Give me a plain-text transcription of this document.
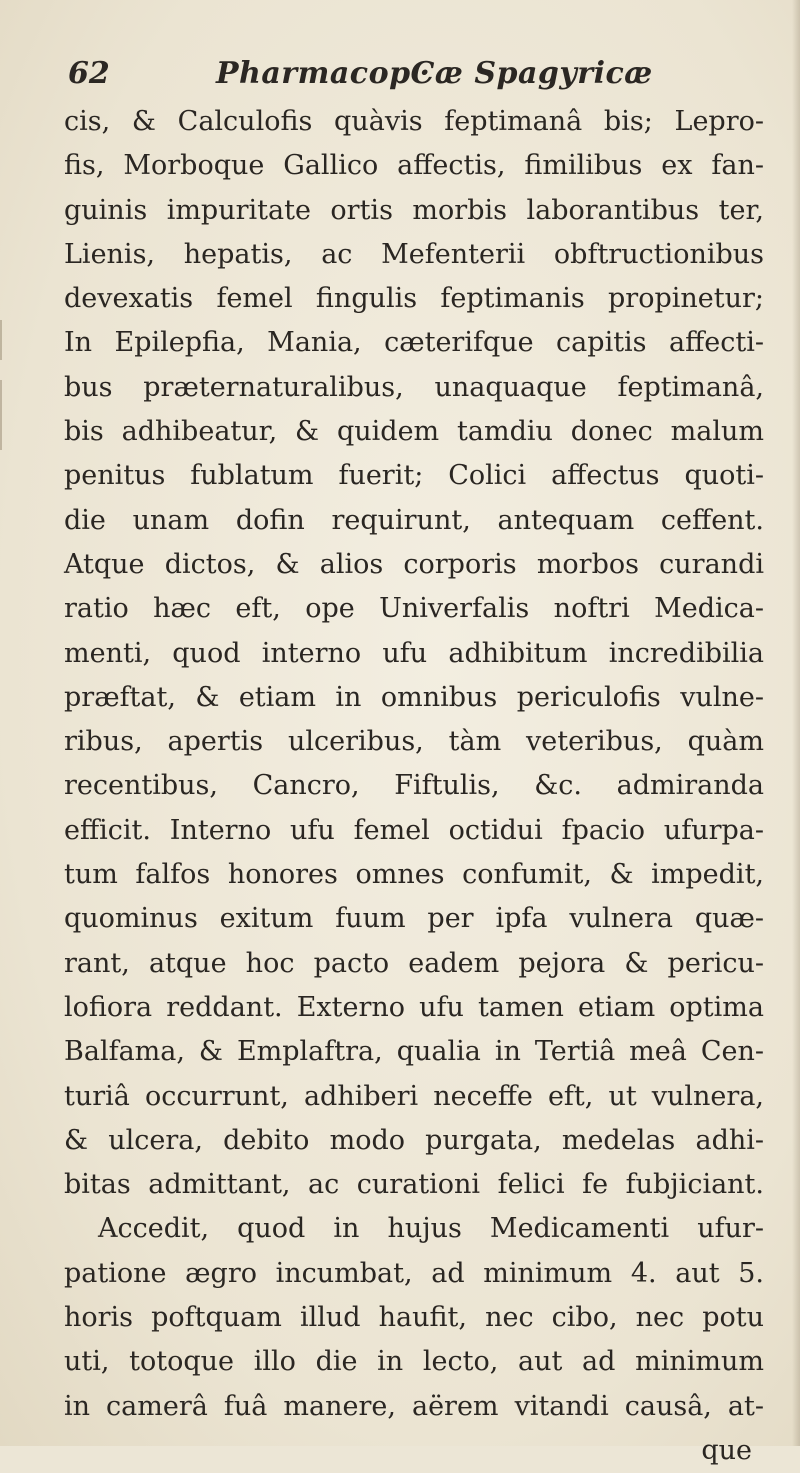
62	PharmacopϾæ Spagyricæ
cis, & Calculofis quàvis feptimanâ bis; Lepro-
fis, Morboque Gallico affectis, fimilibus ex fan-
guinis impuritate ortis morbis laborantibus ter,
Lienis, hepatis, ac Mefenterii obftructionibus
devexatis femel fingulis feptimanis propinetur;
In Epilepfia, Mania, cæterifque capitis affecti-
bus præternaturalibus, unaquaque feptimanâ,
bis adhibeatur, & quidem tamdiu donec malum
penitus fublatum fuerit; Colici affectus quoti-
die unam dofin requirunt, antequam ceffent.
Atque dictos, & alios corporis morbos curandi
ratio hæc eft, ope Univerfalis noftri Medica-
menti, quod interno ufu adhibitum incredibilia
præftat, & etiam in omnibus periculofis vulne-
ribus, apertis ulceribus, tàm veteribus, quàm
recentibus, Cancro, Fiftulis, &c. admiranda
efficit. Interno ufu femel octidui fpacio ufurpa-
tum falfos honores omnes confumit, & impedit,
quominus exitum fuum per ipfa vulnera quæ-
rant, atque hoc pacto eadem pejora & pericu-
lofiora reddant. Externo ufu tamen etiam optima
Balfama, & Emplaftra, qualia in Tertiâ meâ Cen-
turiâ occurrunt, adhiberi neceffe eft, ut vulnera,
& ulcera, debito modo purgata, medelas adhi-
bitas admittant, ac curationi felici fe fubjiciant.
Accedit, quod in hujus Medicamenti ufur-
patione ægro incumbat, ad minimum 4. aut 5.
horis poftquam illud haufit, nec cibo, nec potu
uti, totoque illo die in lecto, aut ad minimum
in camerâ fuâ manere, aërem vitandi causâ, at-
que
